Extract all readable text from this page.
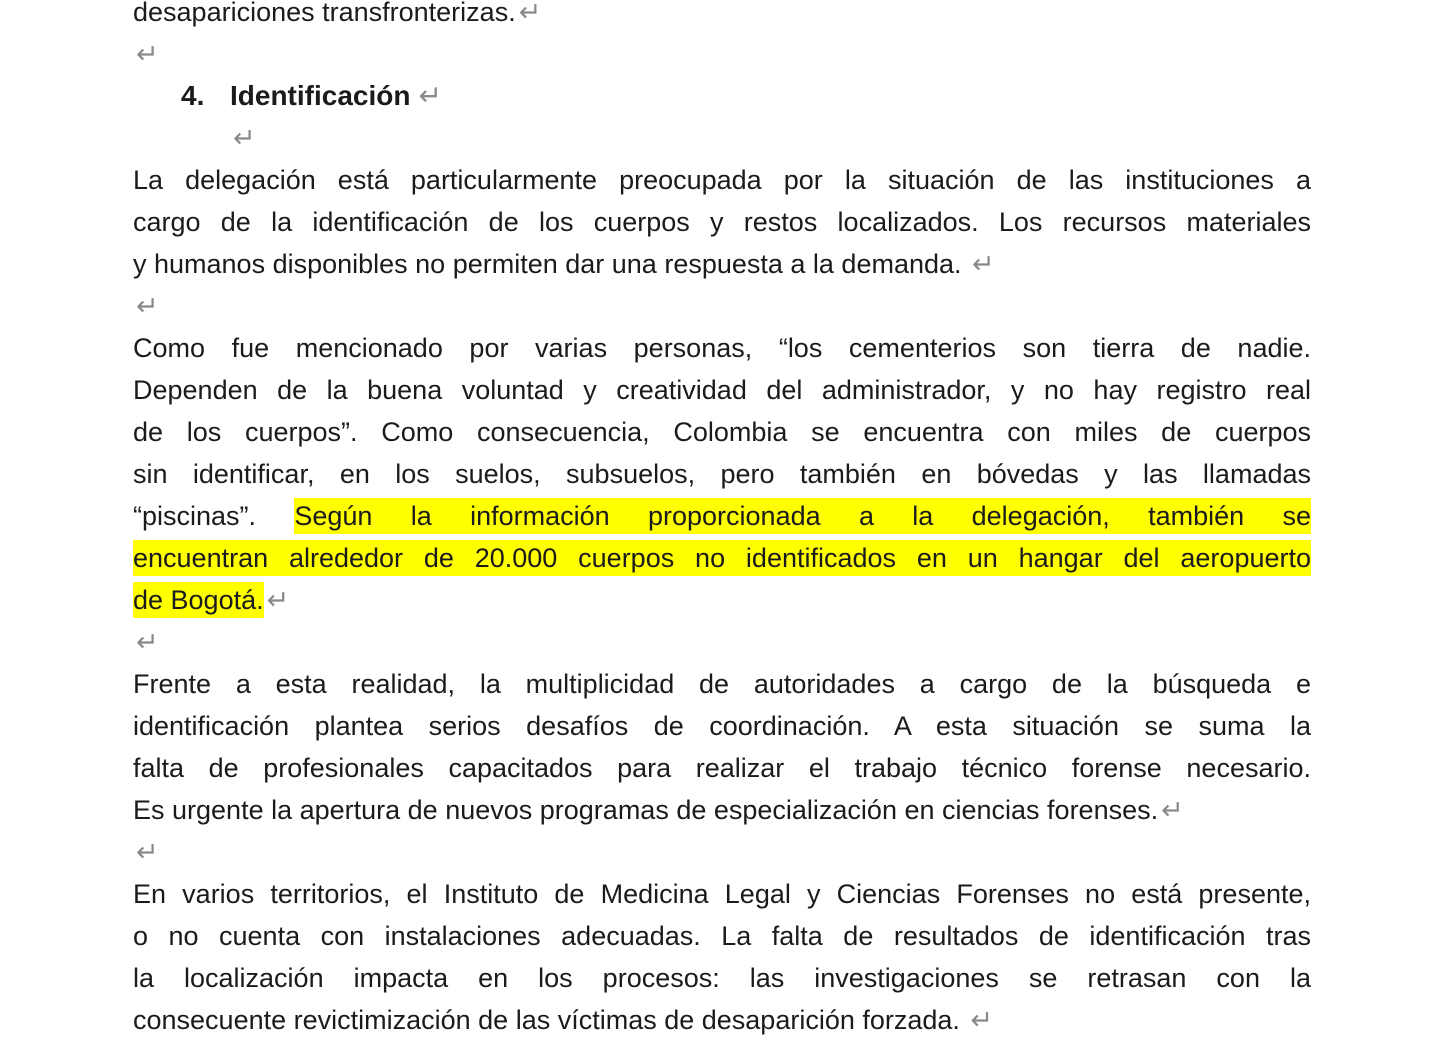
desapariciones transfronterizas. ↵
↵
4. Identificación ↵
↵
La delegación está particularmente preocupada por la situación de las instituciones a
cargo de la identificación de los cuerpos y restos localizados. Los recursos materiales
y humanos disponibles no permiten dar una respuesta a la demanda. ↵
↵
Como fue mencionado por varias personas, “los cementerios son tierra de nadie.
Dependen de la buena voluntad y creatividad del administrador, y no hay registro real
de los cuerpos”. Como consecuencia, Colombia se encuentra con miles de cuerpos
sin identificar, en los suelos, subsuelos, pero también en bóvedas y las llamadas
“piscinas”. Según la información proporcionada a la delegación, también se
encuentran alrededor de 20.000 cuerpos no identificados en un hangar del aeropuerto
de Bogotá. ↵
↵
Frente a esta realidad, la multiplicidad de autoridades a cargo de la búsqueda e
identificación plantea serios desafíos de coordinación. A esta situación se suma la
falta de profesionales capacitados para realizar el trabajo técnico forense necesario.
Es urgente la apertura de nuevos programas de especialización en ciencias forenses. ↵
↵
En varios territorios, el Instituto de Medicina Legal y Ciencias Forenses no está presente,
o no cuenta con instalaciones adecuadas. La falta de resultados de identificación tras
la localización impacta en los procesos: las investigaciones se retrasan con la
consecuente revictimización de las víctimas de desaparición forzada. ↵
